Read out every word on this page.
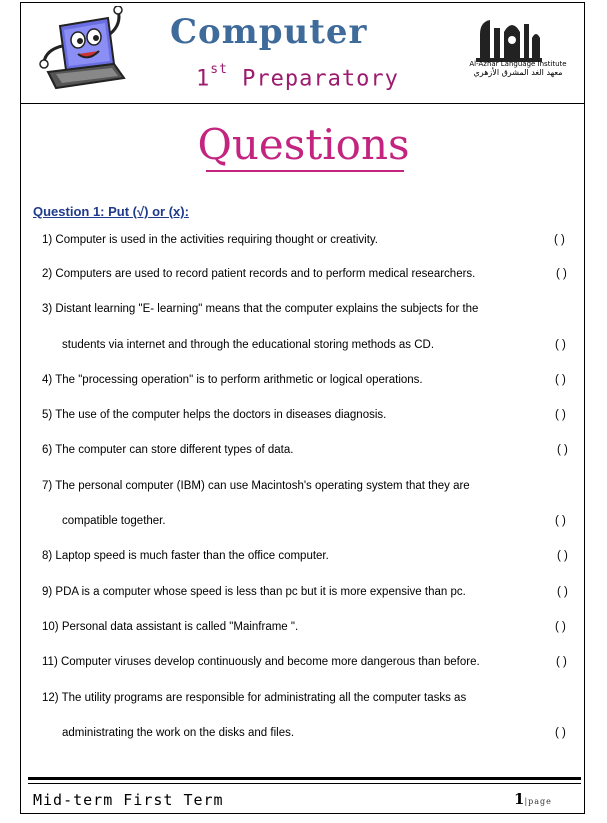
Computer
1st Preparatory
Al-Azhar Language Institute
معهد الغد المشرق الأزهري
Questions
Question 1: Put (√) or (x):
1) Computer is used in the activities requiring thought or creativity.	( )
2) Computers are used to record patient records and to perform medical researchers.	( )
3) Distant learning "E- learning" means that the computer explains the subjects for the
students via internet and through the educational storing methods as CD.	( )
4) The "processing operation" is to perform arithmetic or logical operations.	( )
5) The use of the computer helps the doctors in diseases diagnosis.	( )
6) The computer can store different types of data.	( )
7) The personal computer (IBM) can use Macintosh's operating system that they are
compatible together.	( )
8) Laptop speed is much faster than the office computer.	( )
9) PDA is a computer whose speed is less than pc but it is more expensive than pc.	( )
10) Personal data assistant is called "Mainframe ".	( )
11) Computer viruses develop continuously and become more dangerous than before.	( )
12) The utility programs are responsible for administrating all the computer tasks as
administrating the work on the disks and files.	( )
Mid-term First Term	1|page
